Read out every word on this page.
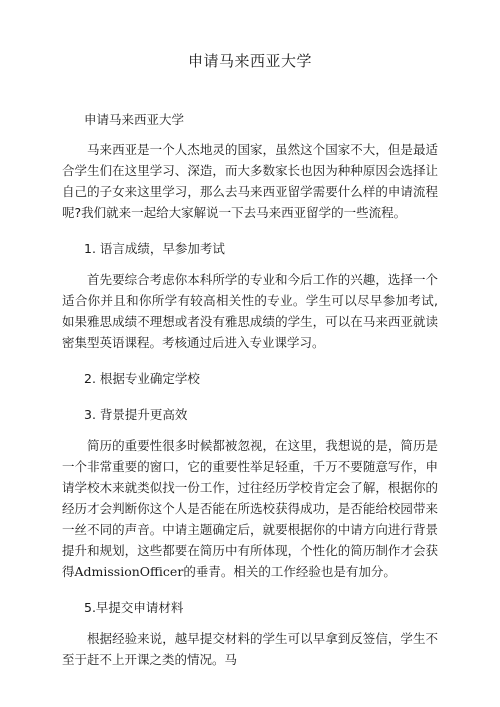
申请马来西亚大学
申请马来西亚大学

马来西亚是一个人杰地灵的国家，虽然这个国家不大，但是最适合学生们在这里学习、深造，而大多数家长也因为种种原因会选择让自己的子女来这里学习，那么去马来西亚留学需要什么样的申请流程呢?我们就来一起给大家解说一下去马来西亚留学的一些流程。

1. 语言成绩，早参加考试

首先要综合考虑你本科所学的专业和今后工作的兴趣，选择一个适合你并且和你所学有较高相关性的专业。学生可以尽早参加考试,如果雅思成绩不理想或者没有雅思成绩的学生，可以在马来西亚就读密集型英语课程。考核通过后进入专业课学习。

2. 根据专业确定学校
3. 背景提升更高效

简历的重要性很多时候都被忽视，在这里，我想说的是，简历是一个非常重要的窗口，它的重要性举足轻重，千万不要随意写作，申请学校木来就类似找一份工作，过往经历学校肯定会了解，根据你的经历才会判断你这个人是否能在所选校获得成功，是否能给校园带来一丝不同的声音。中请主题确定后，就要根据你的中请方向进行背景提升和规划，这些都要在简历中有所体现，个性化的简历制作才会获得AdmissionOfficer的垂青。相关的工作经验也是有加分。

5.早提交申请材料

根据经验来说，越早提交材料的学生可以早拿到反签信，学生不至于赶不上开课之类的情况。马
